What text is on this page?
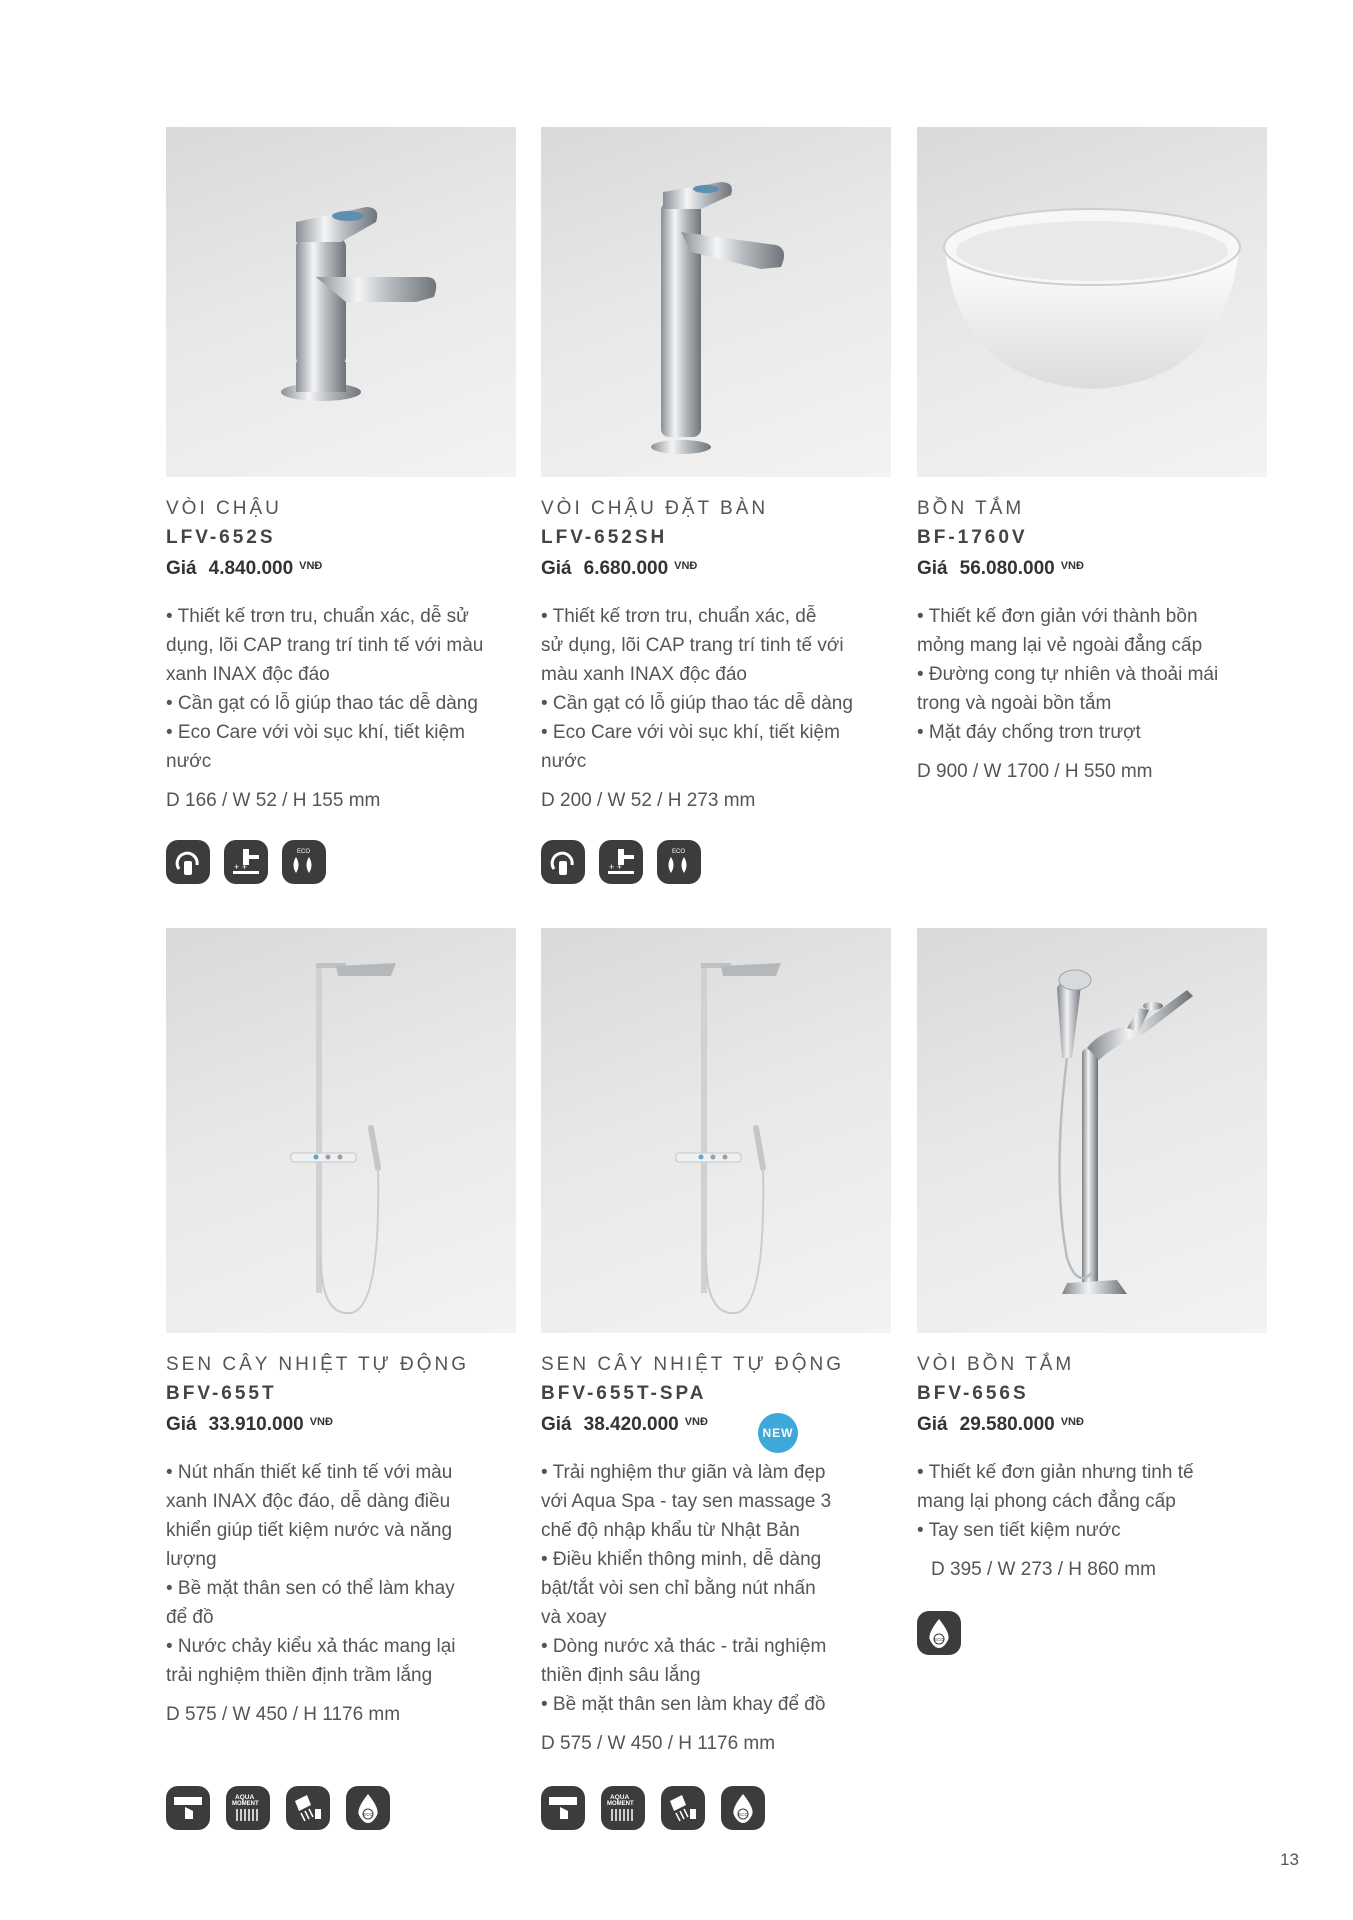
VÒI CHẬU
LFV-652S
Giá 4.840.000 $^{VNĐ}$
• Thiết kế trơn tru, chuẩn xác, dễ sử
dụng, lõi CAP trang trí tinh tế với màu
xanh INAX độc đáo
• Cần gạt có lỗ giúp thao tác dễ dàng
• Eco Care với vòi sục khí, tiết kiệm
nước
D 166 / W 52 / H 155 mm
+ +
ECO
VÒI CHẬU ĐẶT BÀN
LFV-652SH
Giá 6.680.000 $^{VNĐ}$
• Thiết kế trơn tru, chuẩn xác, dễ
sử dụng, lõi CAP trang trí tinh tế với
màu xanh INAX độc đáo
• Cần gạt có lỗ giúp thao tác dễ dàng
• Eco Care với vòi sục khí, tiết kiệm
nước
D 200 / W 52 / H 273 mm
+ +
ECO
BỒN TẮM
BF-1760V
Giá 56.080.000 $^{VNĐ}$
• Thiết kế đơn giản với thành bồn
mỏng mang lại vẻ ngoài đẳng cấp
• Đường cong tự nhiên và thoải mái
trong và ngoài bồn tắm
• Mặt đáy chống trơn trượt
D 900 / W 1700 / H 550 mm
SEN CÂY NHIỆT TỰ ĐỘNG
BFV-655T
Giá 33.910.000 $^{VNĐ}$
• Nút nhấn thiết kế tinh tế với màu
xanh INAX độc đáo, dễ dàng điều
khiển giúp tiết kiệm nước và năng
lượng
• Bề mặt thân sen có thể làm khay
để đồ
• Nước chảy kiểu xả thác mang lại
trải nghiệm thiền định trầm lắng
D 575 / W 450 / H 1176 mm
AQUA
MOMENT
ECO
SEN CÂY NHIỆT TỰ ĐỘNG
BFV-655T-SPA
NEW
Giá 38.420.000 $^{VNĐ}$
• Trải nghiệm thư giãn và làm đẹp
với Aqua Spa - tay sen massage 3
chế độ nhập khẩu từ Nhật Bản
• Điều khiển thông minh, dễ dàng
bật/tắt vòi sen chỉ bằng nút nhấn
và xoay
• Dòng nước xả thác - trải nghiệm
thiền định sâu lắng
• Bề mặt thân sen làm khay để đồ
D 575 / W 450 / H 1176 mm
AQUA
MOMENT
ECO
VÒI BỒN TẮM
BFV-656S
Giá 29.580.000 $^{VNĐ}$
• Thiết kế đơn giản nhưng tinh tế
mang lại phong cách đẳng cấp
• Tay sen tiết kiệm nước
D 395 / W 273 / H 860 mm
ECO
13
